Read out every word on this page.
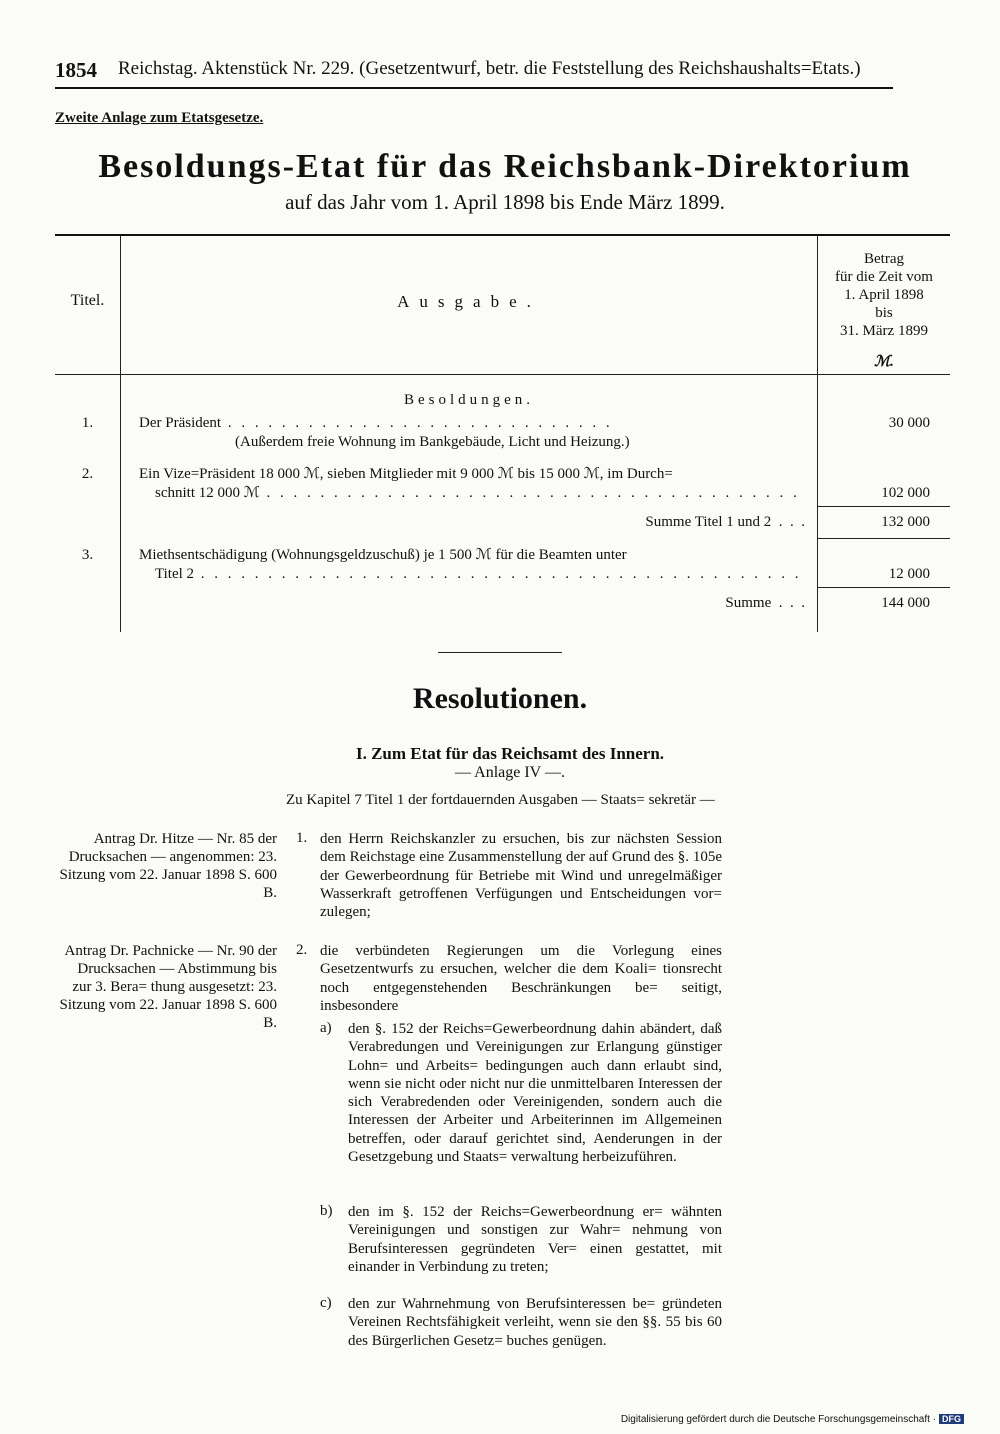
1854 Reichstag. Aktenstück Nr. 229. (Gesetzentwurf, betr. die Feststellung des Reichshaushalts=Etats.)
Zweite Anlage zum Etatsgesetze.
Besoldungs-Etat für das Reichsbank-Direktorium
auf das Jahr vom 1. April 1898 bis Ende März 1899.
Titel.	Ausgabe.
Betrag
für die Zeit vom
1. April 1898
bis
31. März 1899
ℳ.
Besoldungen.
1.	Der Präsident . . .	30 000
(Außerdem freie Wohnung im Bankgebäude, Licht und Heizung.)
2.	Ein Vize=Präsident 18 000 ℳ, sieben Mitglieder mit 9 000 ℳ bis 15 000 ℳ, im Durch=
schnitt 12 000 ℳ . . . . . .	102 000
Summe Titel 1 und 2  .  .  .	132 000
3.	Miethsentschädigung (Wohnungsgeldzuschuß) je 1 500 ℳ für die Beamten unter
Titel 2 . . . . . .	12 000
Summe  .  .  .	144 000
Resolutionen.
I. Zum Etat für das Reichsamt des Innern.
— Anlage IV —.
Zu Kapitel 7 Titel 1 der fortdauernden Ausgaben — Staats= sekretär —
Antrag Dr. Hitze — Nr. 85 der Drucksachen — angenommen: 23. Sitzung vom 22. Januar 1898 S. 600 B.
Antrag Dr. Pachnicke — Nr. 90 der Drucksachen — Abstimmung bis zur 3. Bera= thung ausgesetzt: 23. Sitzung vom 22. Januar 1898 S. 600 B.
1. den Herrn Reichskanzler zu ersuchen, bis zur nächsten Session dem Reichstage eine Zusammenstellung der auf Grund des §. 105e der Gewerbeordnung für Betriebe mit Wind und unregelmäßiger Wasserkraft getroffenen Verfügungen und Entscheidungen vor= zulegen;
2. die verbündeten Regierungen um die Vorlegung eines Gesetzentwurfs zu ersuchen, welcher die dem Koali= tionsrecht noch entgegenstehenden Beschränkungen be= seitigt, insbesondere
a) den §. 152 der Reichs=Gewerbeordnung dahin abändert, daß Verabredungen und Vereinigungen zur Erlangung günstiger Lohn= und Arbeits= bedingungen auch dann erlaubt sind, wenn sie nicht oder nicht nur die unmittelbaren Interessen der sich Verabredenden oder Vereinigenden, sondern auch die Interessen der Arbeiter und Arbeiterinnen im Allgemeinen betreffen, oder darauf gerichtet sind, Aenderungen in der Gesetzgebung und Staats= verwaltung herbeizuführen.
b) den im §. 152 der Reichs=Gewerbeordnung er= wähnten Vereinigungen und sonstigen zur Wahr= nehmung von Berufsinteressen gegründeten Ver= einen gestattet, mit einander in Verbindung zu treten;
c) den zur Wahrnehmung von Berufsinteressen be= gründeten Vereinen Rechtsfähigkeit verleiht, wenn sie den §§. 55 bis 60 des Bürgerlichen Gesetz= buches genügen.
Digitalisierung gefördert durch die Deutsche Forschungsgemeinschaft · DFG
